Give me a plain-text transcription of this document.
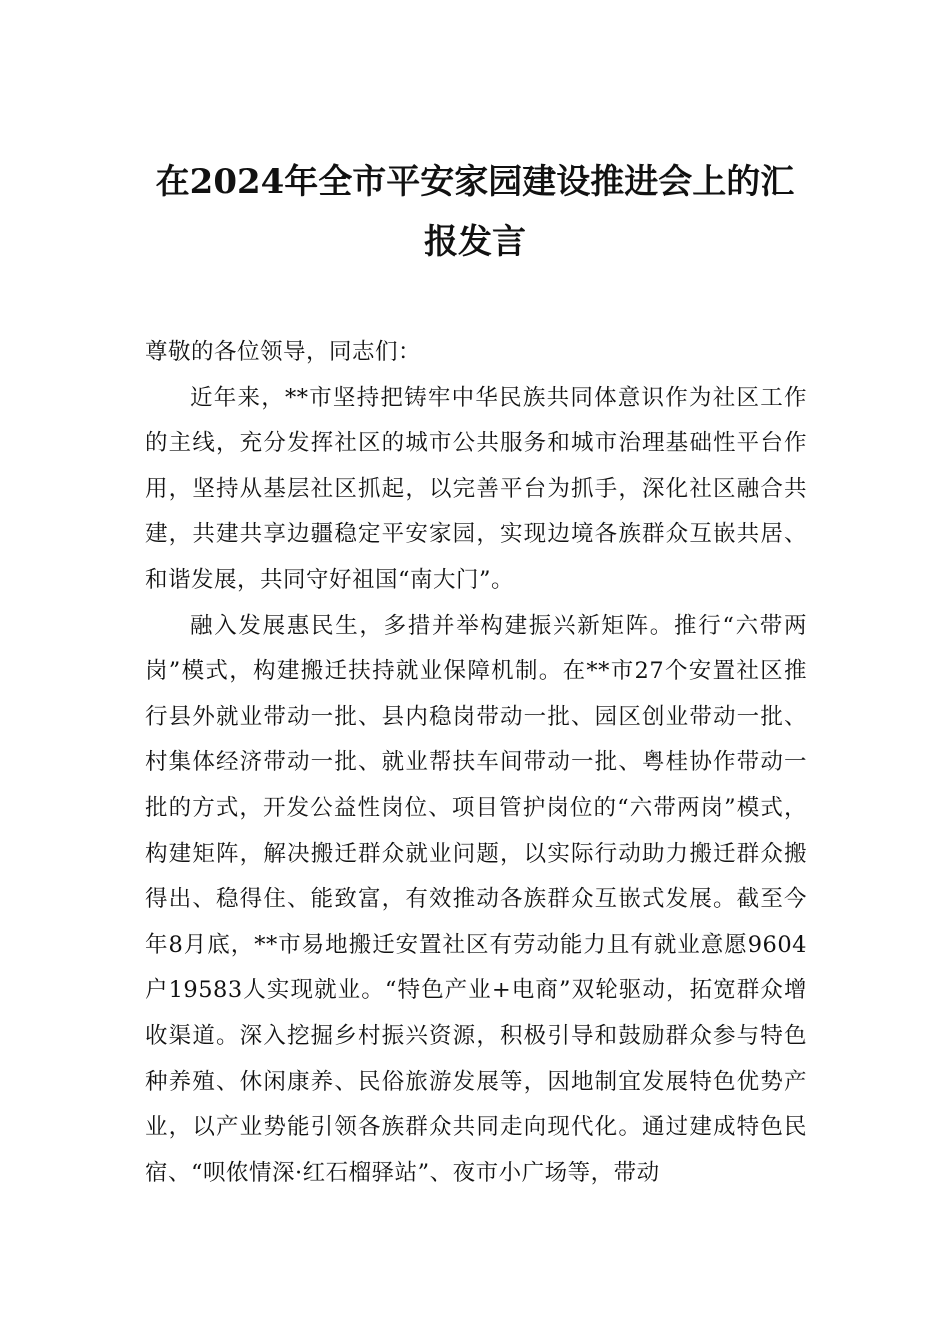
在2024年全市平安家园建设推进会上的汇报发言

尊敬的各位领导，同志们：

近年来，**市坚持把铸牢中华民族共同体意识作为社区工作的主线，充分发挥社区的城市公共服务和城市治理基础性平台作用，坚持从基层社区抓起，以完善平台为抓手，深化社区融合共建，共建共享边疆稳定平安家园，实现边境各族群众互嵌共居、和谐发展，共同守好祖国“南大门”。

融入发展惠民生，多措并举构建振兴新矩阵。推行“六带两岗”模式，构建搬迁扶持就业保障机制。在**市27个安置社区推行县外就业带动一批、县内稳岗带动一批、园区创业带动一批、村集体经济带动一批、就业帮扶车间带动一批、粤桂协作带动一批的方式，开发公益性岗位、项目管护岗位的“六带两岗”模式，构建矩阵，解决搬迁群众就业问题，以实际行动助力搬迁群众搬得出、稳得住、能致富，有效推动各族群众互嵌式发展。截至今年8月底，**市易地搬迁安置社区有劳动能力且有就业意愿9604户19583人实现就业。“特色产业+电商”双轮驱动，拓宽群众增收渠道。深入挖掘乡村振兴资源，积极引导和鼓励群众参与特色种养殖、休闲康养、民俗旅游发展等，因地制宜发展特色优势产业，以产业势能引领各族群众共同走向现代化。通过建成特色民宿、“呗侬情深·红石榴驿站”、夜市小广场等，带动
